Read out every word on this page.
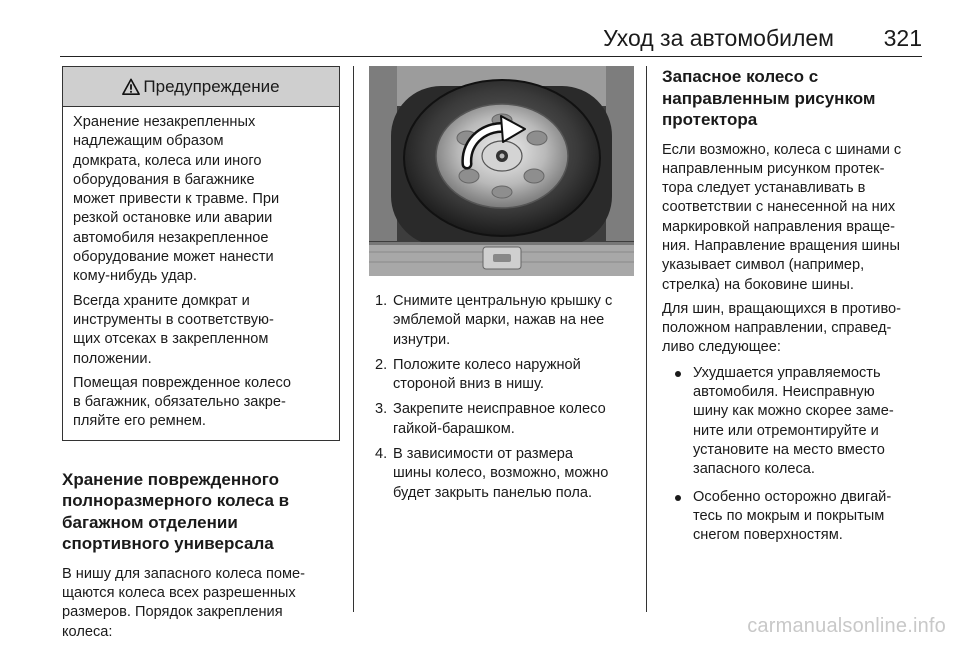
Уход за автомобилем 321
Предупреждение

Хранение незакрепленных
надлежащим образом
домкрата, колеса или иного
оборудования в багажнике
может привести к травме. При
резкой остановке или аварии
автомобиля незакрепленное
оборудование может нанести
кому-нибудь удар.

Всегда храните домкрат и
инструменты в соответствую-
щих отсеках в закрепленном
положении.

Помещая поврежденное колесо
в багажник, обязательно закре-
пляйте его ремнем.

Хранение поврежденного
полноразмерного колеса в
багажном отделении
спортивного универсала

В нишу для запасного колеса поме-
щаются колеса всех разрешенных
размеров. Порядок закрепления
колеса:

1. Снимите центральную крышку с
эмблемой марки, нажав на нее
изнутри.
2. Положите колесо наружной
стороной вниз в нишу.
3. Закрепите неисправное колесо
гайкой-барашком.
4. В зависимости от размера
шины колесо, возможно, можно
будет закрыть панелью пола.
Запасное колесо с
направленным рисунком
протектора

Если возможно, колеса с шинами с
направленным рисунком протек-
тора следует устанавливать в
соответствии с нанесенной на них
маркировкой направления враще-
ния. Направление вращения шины
указывает символ (например,
стрелка) на боковине шины.

Для шин, вращающихся в противо-
положном направлении, справед-
ливо следующее:

Ухудшается управляемость
автомобиля. Неисправную
шину как можно скорее заме-
ните или отремонтируйте и
установите на место вместо
запасного колеса.
Особенно осторожно двигай-
тесь по мокрым и покрытым
снегом поверхностям.
carmanualsonline.info
